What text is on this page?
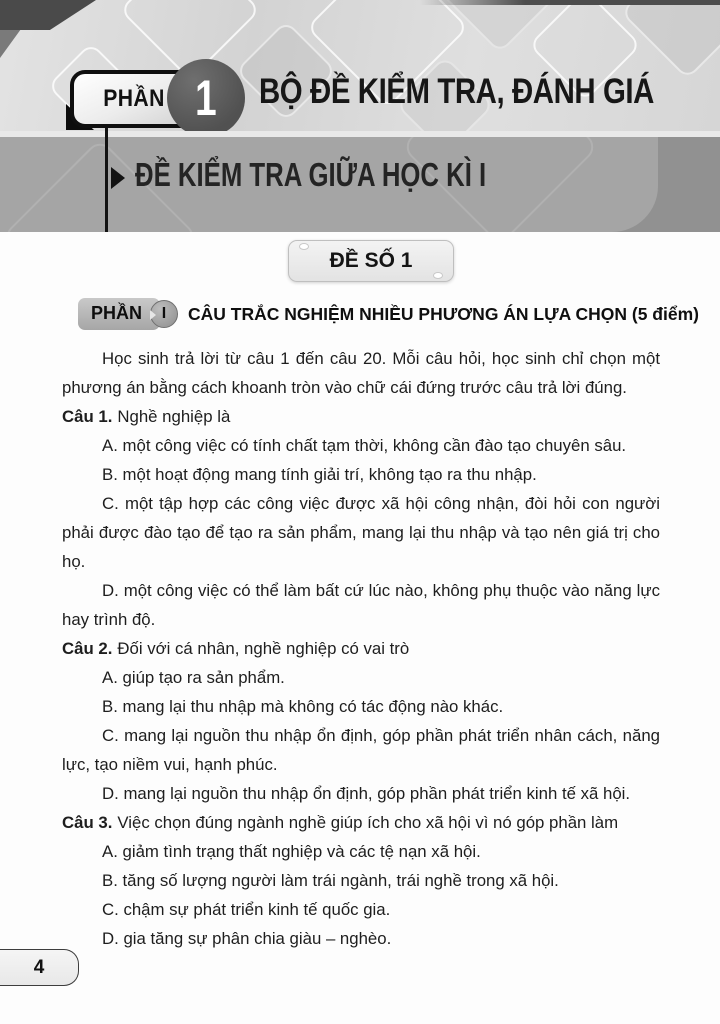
PHẦN 1 BỘ ĐỀ KIỂM TRA, ĐÁNH GIÁ
ĐỀ KIỂM TRA GIỮA HỌC KÌ I
ĐỀ SỐ 1
PHẦN	I CÂU TRẮC NGHIỆM NHIỀU PHƯƠNG ÁN LỰA CHỌN (5 điểm)

Học sinh trả lời từ câu 1 đến câu 20. Mỗi câu hỏi, học sinh chỉ chọn một phương án bằng cách khoanh tròn vào chữ cái đứng trước câu trả lời đúng.

Câu 1. Nghề nghiệp là

A. một công việc có tính chất tạm thời, không cần đào tạo chuyên sâu.

B. một hoạt động mang tính giải trí, không tạo ra thu nhập.

C. một tập hợp các công việc được xã hội công nhận, đòi hỏi con người phải được đào tạo để tạo ra sản phẩm, mang lại thu nhập và tạo nên giá trị cho họ.

D. một công việc có thể làm bất cứ lúc nào, không phụ thuộc vào năng lực hay trình độ.

Câu 2. Đối với cá nhân, nghề nghiệp có vai trò

A. giúp tạo ra sản phẩm.

B. mang lại thu nhập mà không có tác động nào khác.

C. mang lại nguồn thu nhập ổn định, góp phần phát triển nhân cách, năng lực, tạo niềm vui, hạnh phúc.

D. mang lại nguồn thu nhập ổn định, góp phần phát triển kinh tế xã hội.

Câu 3. Việc chọn đúng ngành nghề giúp ích cho xã hội vì nó góp phần làm

A. giảm tình trạng thất nghiệp và các tệ nạn xã hội.

B. tăng số lượng người làm trái ngành, trái nghề trong xã hội.

C. chậm sự phát triển kinh tế quốc gia.

D. gia tăng sự phân chia giàu – nghèo.

4
